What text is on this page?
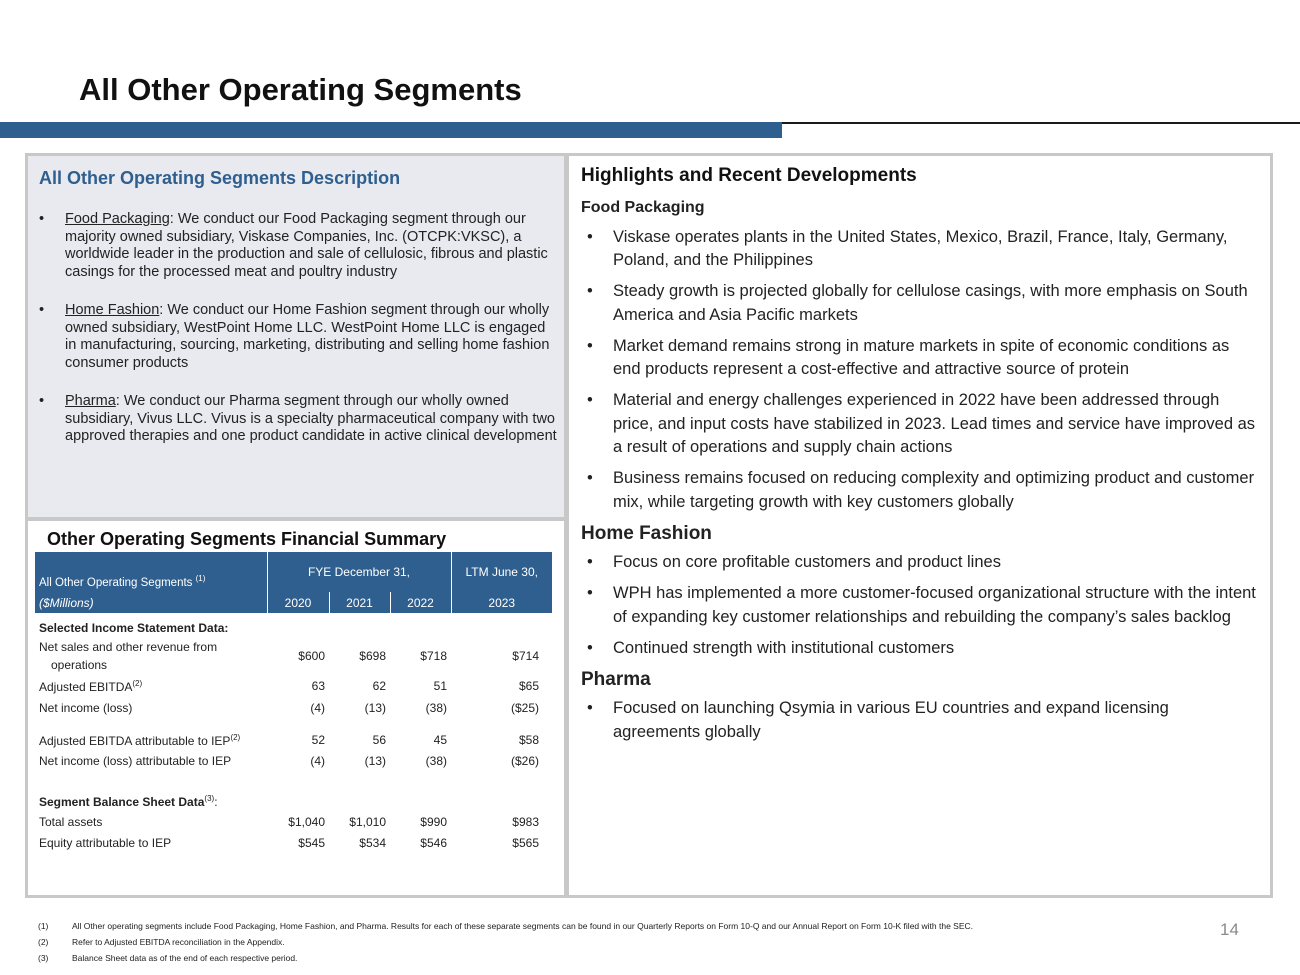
All Other Operating Segments
All Other Operating Segments Description
• Food Packaging: We conduct our Food Packaging segment through our majority owned subsidiary, Viskase Companies, Inc. (OTCPK:VKSC), a worldwide leader in the production and sale of cellulosic, fibrous and plastic casings for the processed meat and poultry industry
• Home Fashion: We conduct our Home Fashion segment through our wholly owned subsidiary, WestPoint Home LLC. WestPoint Home LLC is engaged in manufacturing, sourcing, marketing, distributing and selling home fashion consumer products
• Pharma: We conduct our Pharma segment through our wholly owned subsidiary, Vivus LLC. Vivus is a specialty pharmaceutical company with two approved therapies and one product candidate in active clinical development
Other Operating Segments Financial Summary
All Other Operating Segments $^{(1)}$	FYE December 31,			LTM June 30,
($Millions)	2020	2021	2022	2023
Selected Income Statement Data:				
Net sales and other revenue from
operations	$600	$698	$718	$714
Adjusted EBITDA$^{(2)}$	63	62	51	$65
Net income (loss)	(4)	(13)	(38)	($25)

Adjusted EBITDA attributable to IEP$^{(2)}$	52	56	45	$58
Net income (loss) attributable to IEP	(4)	(13)	(38)	($26)

Segment Balance Sheet Data$^{(3)}$:				
Total assets	$1,040	$1,010	$990	$983
Equity attributable to IEP	$545	$534	$546	$565
Highlights and Recent Developments
Food Packaging
• Viskase operates plants in the United States, Mexico, Brazil, France, Italy, Germany, Poland, and the Philippines
• Steady growth is projected globally for cellulose casings, with more emphasis on South America and Asia Pacific markets
• Market demand remains strong in mature markets in spite of economic conditions as end products represent a cost-effective and attractive source of protein
• Material and energy challenges experienced in 2022 have been addressed through price, and input costs have stabilized in 2023. Lead times and service have improved as a result of operations and supply chain actions
• Business remains focused on reducing complexity and optimizing product and customer mix, while targeting growth with key customers globally
Home Fashion
• Focus on core profitable customers and product lines
• WPH has implemented a more customer-focused organizational structure with the intent of expanding key customer relationships and rebuilding the company’s sales backlog
• Continued strength with institutional customers
Pharma
• Focused on launching Qsymia in various EU countries and expand licensing agreements globally
(1)	All Other operating segments include Food Packaging, Home Fashion, and Pharma. Results for each of these separate segments can be found in our Quarterly Reports on Form 10-Q and our Annual Report on Form 10-K filed with the SEC.
(2)	Refer to Adjusted EBITDA reconciliation in the Appendix.
(3)	Balance Sheet data as of the end of each respective period.
14
